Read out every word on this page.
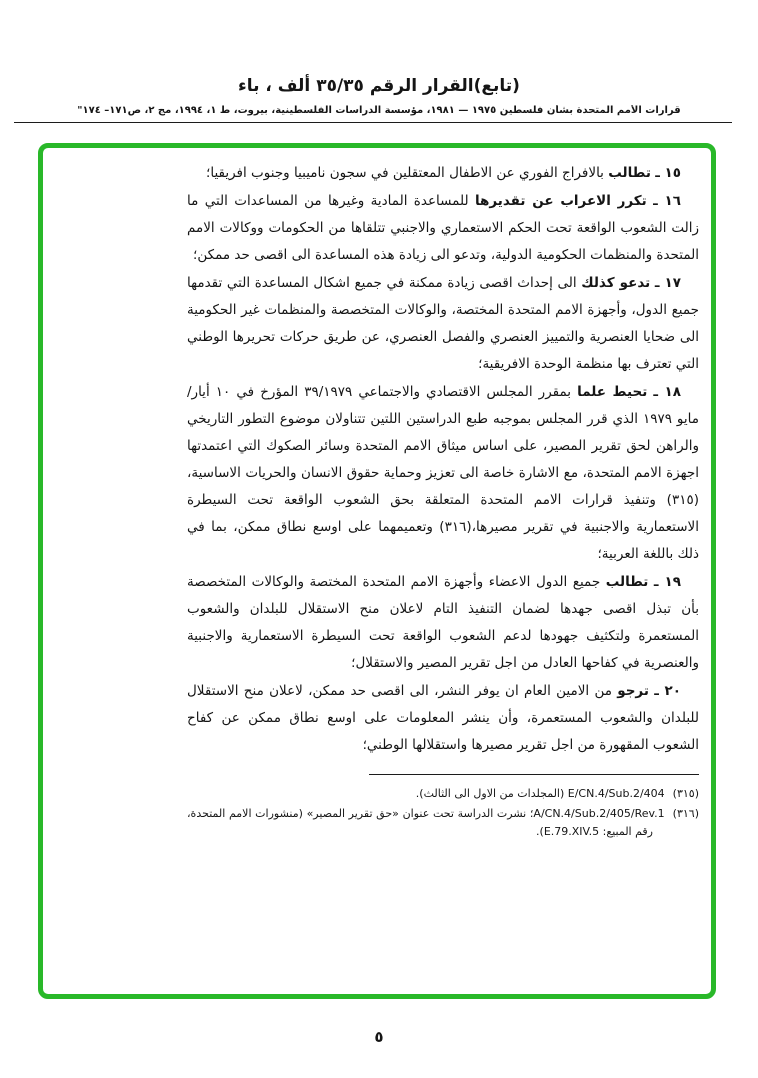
(تابع)القرار الرقم ٣٥/٣٥ ألف ، باء
قرارات الأمم المتحدة بشأن فلسطين ١٩٧٥ — ١٩٨١، مؤسسة الدراسات الفلسطينية، بيروت، ط ١، ١٩٩٤، مج ٢، ص١٧١– ١٧٤"

١٥ ـ تطالب بالافراج الفوري عن الاطفال المعتقلين في سجون ناميبيا وجنوب افريقيا؛

١٦ ـ تكرر الاعراب عن تقديرها للمساعدة المادية وغيرها من المساعدات التي ما زالت الشعوب الواقعة تحت الحكم الاستعماري والاجنبي تتلقاها من الحكومات ووكالات الامم المتحدة والمنظمات الحكومية الدولية، وتدعو الى زيادة هذه المساعدة الى اقصى حد ممكن؛

١٧ ـ تدعو كذلك الى إحداث اقصى زيادة ممكنة في جميع اشكال المساعدة التي تقدمها جميع الدول، وأجهزة الامم المتحدة المختصة، والوكالات المتخصصة والمنظمات غير الحكومية الى ضحايا العنصرية والتمييز العنصري والفصل العنصري، عن طريق حركات تحريرها الوطني التي تعترف بها منظمة الوحدة الافريقية؛

١٨ ـ تحيط علما بمقرر المجلس الاقتصادي والاجتماعي ٣٩/١٩٧٩ المؤرخ في ١٠ أيار/مايو ١٩٧٩ الذي قرر المجلس بموجبه طبع الدراستين اللتين تتناولان موضوع التطور التاريخي والراهن لحق تقرير المصير، على اساس ميثاق الامم المتحدة وسائر الصكوك التي اعتمدتها اجهزة الامم المتحدة، مع الاشارة خاصة الى تعزيز وحماية حقوق الانسان والحريات الاساسية،(٣١٥) وتنفيذ قرارات الامم المتحدة المتعلقة بحق الشعوب الواقعة تحت السيطرة الاستعمارية والاجنبية في تقرير مصيرها،(٣١٦) وتعميمهما على اوسع نطاق ممكن، بما في ذلك باللغة العربية؛

١٩ ـ تطالب جميع الدول الاعضاء وأجهزة الامم المتحدة المختصة والوكالات المتخصصة بأن تبذل اقصى جهدها لضمان التنفيذ التام لاعلان منح الاستقلال للبلدان والشعوب المستعمرة ولتكثيف جهودها لدعم الشعوب الواقعة تحت السيطرة الاستعمارية والاجنبية والعنصرية في كفاحها العادل من اجل تقرير المصير والاستقلال؛

٢٠ ـ ترجو من الامين العام ان يوفر النشر، الى اقصى حد ممكن، لاعلان منح الاستقلال للبلدان والشعوب المستعمرة، وأن ينشر المعلومات على اوسع نطاق ممكن عن كفاح الشعوب المقهورة من اجل تقرير مصيرها واستقلالها الوطني؛

(٣١٥)E/CN.4/Sub.2/404 (المجلدات من الاول الى الثالث).
(٣١٦)A/CN.4/Sub.2/405/Rev.1؛ نشرت الدراسة تحت عنوان «حق تقرير المصير» (منشورات الامم المتحدة، رقم المبيع: E.79.XIV.5).
٥
